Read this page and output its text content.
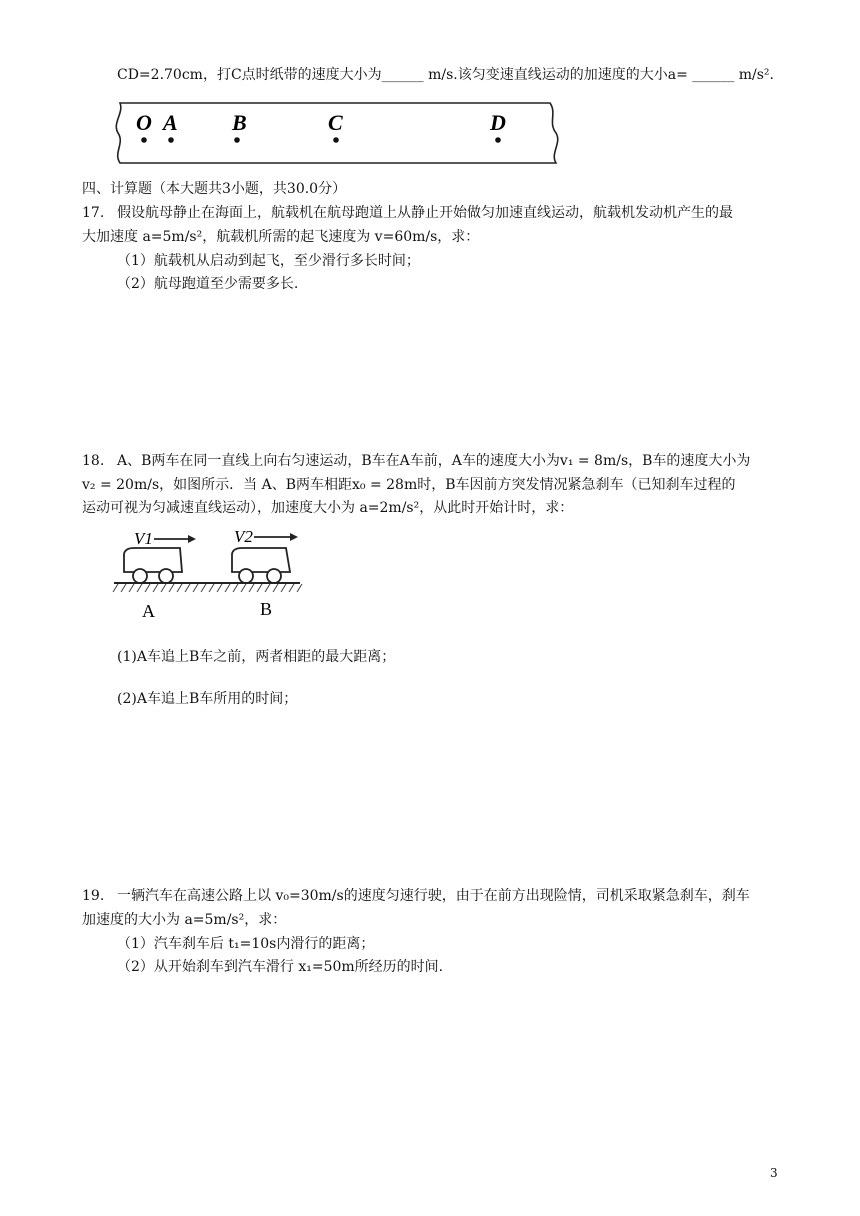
CD=2.70cm，打C点时纸带的速度大小为______ m/s.该匀变速直线运动的加速度的大小a= ______ m/s².
O A B	C	D
四、计算题（本大题共3小题，共30.0分）
17. 假设航母静止在海面上，航载机在航母跑道上从静止开始做匀加速直线运动，航载机发动机产生的最
大加速度 a=5m/s²，航载机所需的起飞速度为 v=60m/s，求：
（1）航载机从启动到起飞，至少滑行多长时间；
（2）航母跑道至少需要多长.
18. A、B两车在同一直线上向右匀速运动，B车在A车前，A车的速度大小为v₁ = 8m/s，B车的速度大小为
v₂ = 20m/s，如图所示．当 A、B两车相距x₀ = 28m时，B车因前方突发情况紧急刹车（已知刹车过程的
运动可视为匀减速直线运动），加速度大小为 a=2m/s²，从此时开始计时，求：
V1	V2
A	B
(1)A车追上B车之前，两者相距的最大距离；
(2)A车追上B车所用的时间；
19. 一辆汽车在高速公路上以 v₀=30m/s的速度匀速行驶，由于在前方出现险情，司机采取紧急刹车，刹车
加速度的大小为 a=5m/s²，求：
（1）汽车刹车后 t₁=10s内滑行的距离；
（2）从开始刹车到汽车滑行 x₁=50m所经历的时间.
3
